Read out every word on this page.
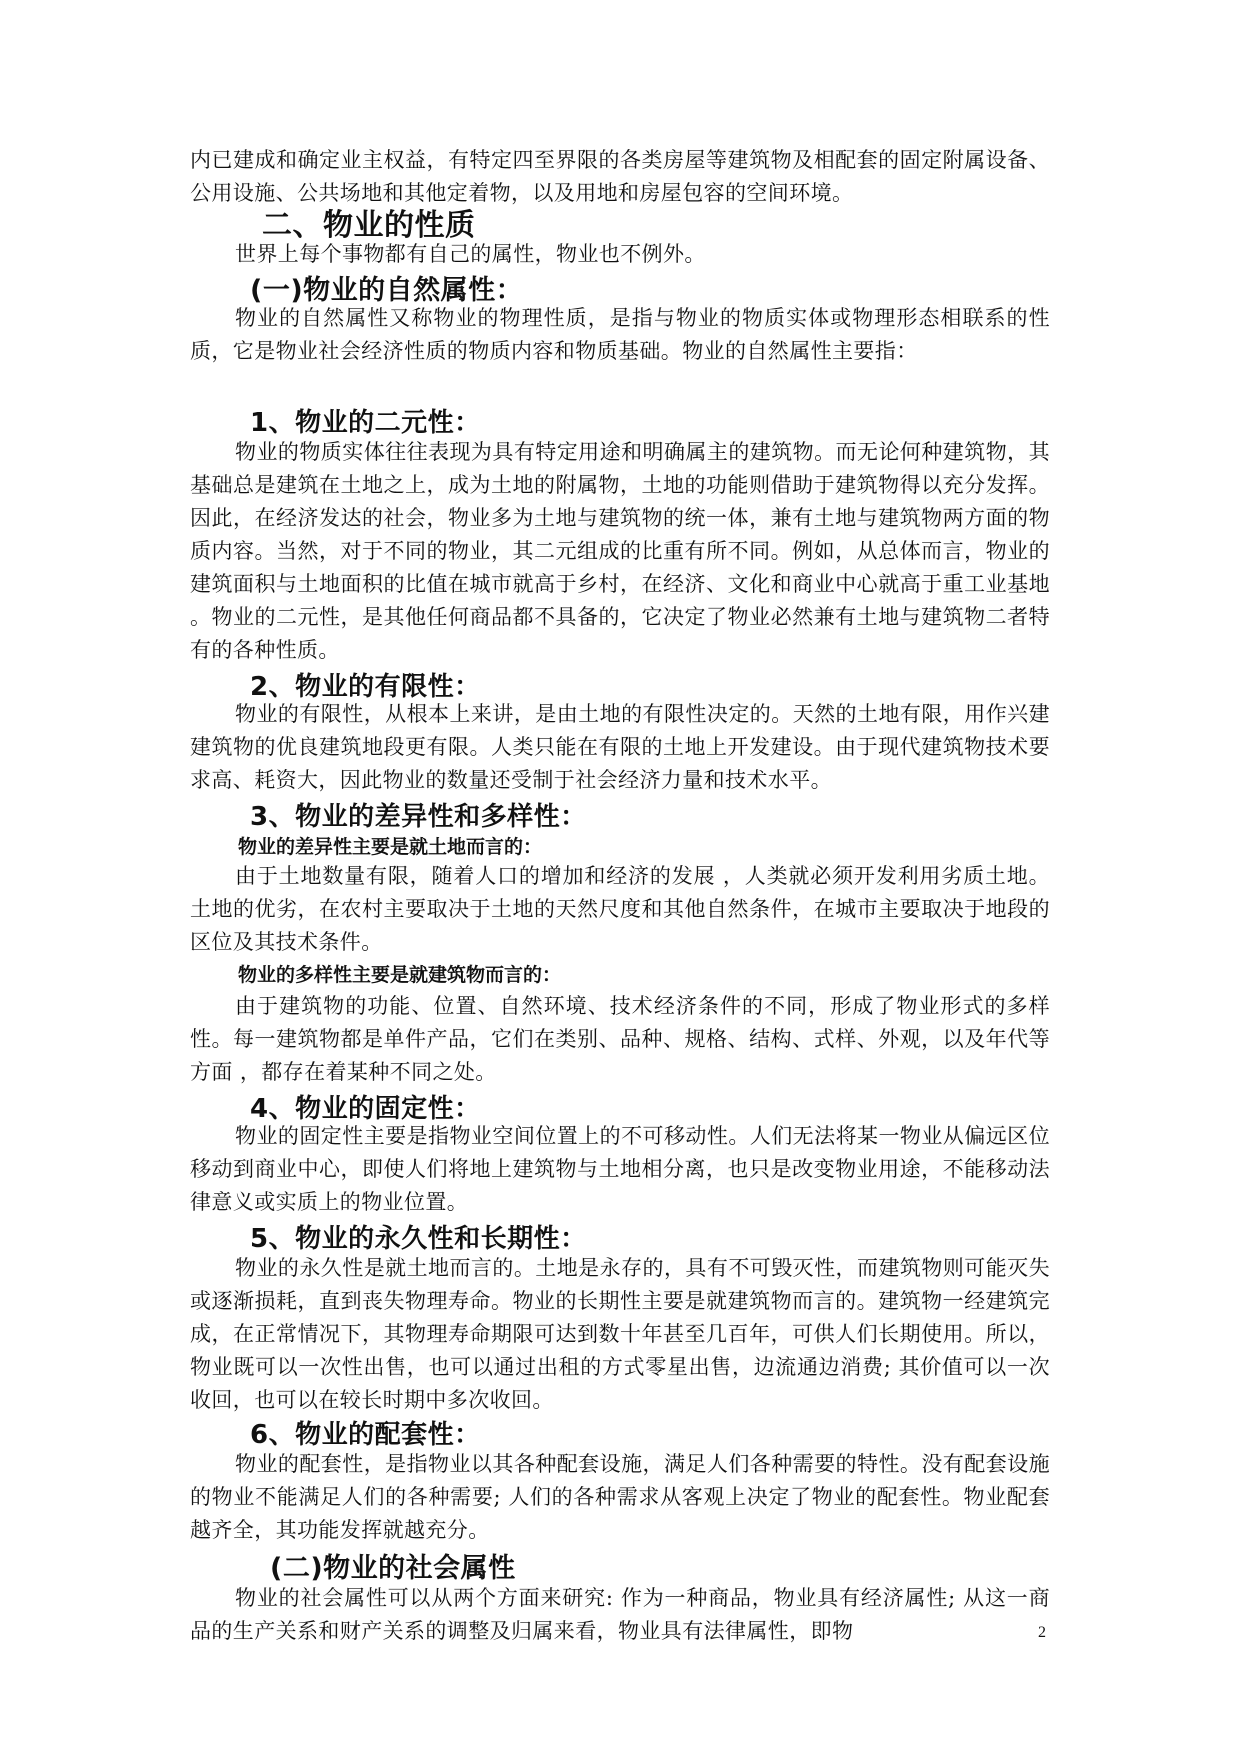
内已建成和确定业主权益，有特定四至界限的各类房屋等建筑物及相配套的固定附属设备、公用设施、公共场地和其他定着物，以及用地和房屋包容的空间环境。
二、物业的性质
世界上每个事物都有自己的属性，物业也不例外。
(一)物业的自然属性：
物业的自然属性又称物业的物理性质，是指与物业的物质实体或物理形态相联系的性质，它是物业社会经济性质的物质内容和物质基础。物业的自然属性主要指：
1、物业的二元性：
物业的物质实体往往表现为具有特定用途和明确属主的建筑物。而无论何种建筑物，其基础总是建筑在土地之上，成为土地的附属物，土地的功能则借助于建筑物得以充分发挥。因此，在经济发达的社会，物业多为土地与建筑物的统一体，兼有土地与建筑物两方面的物质内容。当然，对于不同的物业，其二元组成的比重有所不同。例如，从总体而言，物业的建筑面积与土地面积的比值在城市就高于乡村，在经济、文化和商业中心就高于重工业基地 。物业的二元性，是其他任何商品都不具备的，它决定了物业必然兼有土地与建筑物二者特有的各种性质。
2、物业的有限性：
物业的有限性，从根本上来讲，是由土地的有限性决定的。天然的土地有限，用作兴建 建筑物的优良建筑地段更有限。人类只能在有限的土地上开发建设。由于现代建筑物技术要求高、耗资大，因此物业的数量还受制于社会经济力量和技术水平。
3、物业的差异性和多样性：
物业的差异性主要是就土地而言的：
由于土地数量有限，随着人口的增加和经济的发展 ，人类就必须开发利用劣质土地。土地的优劣，在农村主要取决于土地的天然尺度和其他自然条件，在城市主要取决于地段的区位及其技术条件。
物业的多样性主要是就建筑物而言的：
由于建筑物的功能、位置、自然环境、技术经济条件的不同，形成了物业形式的多样性。每一建筑物都是单件产品，它们在类别、品种、规格、结构、式样、外观，以及年代等方面 ，都存在着某种不同之处。
4、物业的固定性：
物业的固定性主要是指物业空间位置上的不可移动性。人们无法将某一物业从偏远区位移动到商业中心，即使人们将地上建筑物与土地相分离，也只是改变物业用途，不能移动法律意义或实质上的物业位置。
5、物业的永久性和长期性：
物业的永久性是就土地而言的。土地是永存的，具有不可毁灭性，而建筑物则可能灭失或逐渐损耗，直到丧失物理寿命。物业的长期性主要是就建筑物而言的。建筑物一经建筑完成，在正常情况下，其物理寿命期限可达到数十年甚至几百年，可供人们长期使用。所以，物业既可以一次性出售，也可以通过出租的方式零星出售，边流通边消费; 其价值可以一次收回，也可以在较长时期中多次收回。
6、物业的配套性：
物业的配套性，是指物业以其各种配套设施，满足人们各种需要的特性。没有配套设施的物业不能满足人们的各种需要; 人们的各种需求从客观上决定了物业的配套性。物业配套越齐全，其功能发挥就越充分。
(二)物业的社会属性
物业的社会属性可以从两个方面来研究: 作为一种商品，物业具有经济属性; 从这一商品的生产关系和财产关系的调整及归属来看，物业具有法律属性，即物	2
